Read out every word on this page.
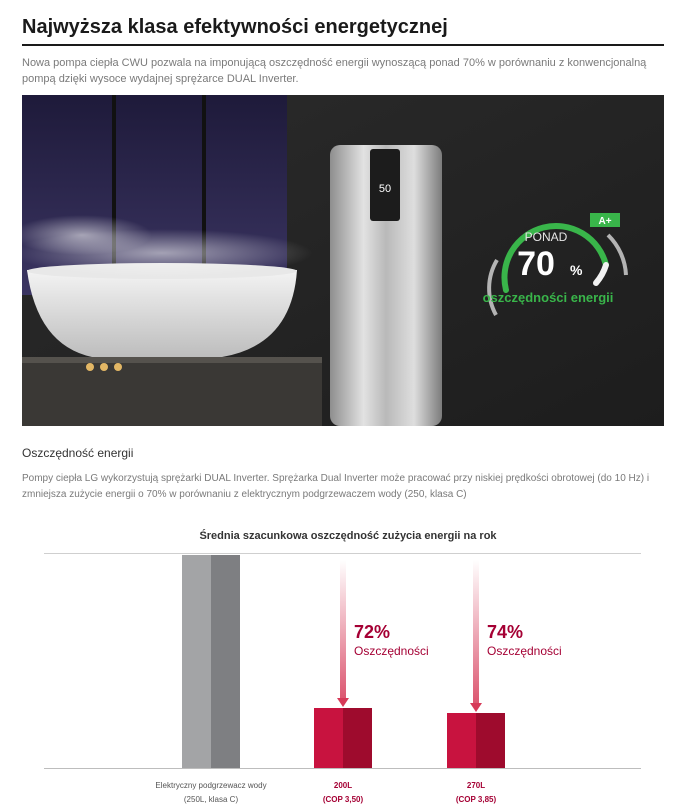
Najwyższa klasa efektywności energetycznej
Nowa pompa ciepła CWU pozwala na imponującą oszczędność energii wynoszącą ponad 70% w porównaniu z konwencjonalną pompą dzięki wysoce wydajnej sprężarce DUAL Inverter.
50
A+
PONAD
70 %
oszczędności energii
Oszczędność energii
Pompy ciepła LG wykorzystują sprężarki DUAL Inverter. Sprężarka Dual Inverter może pracować przy niskiej prędkości obrotowej (do 10 Hz) i zmniejsza zużycie energii o 70% w porównaniu z elektrycznym podgrzewaczem wody (250, klasa C)
Średnia szacunkowa oszczędność zużycia energii na rok
Elektryczny podgrzewacz wody
(250L, klasa C)
72%
Oszczędności
200L
(COP 3,50)
74%
Oszczędności
270L
(COP 3,85)
